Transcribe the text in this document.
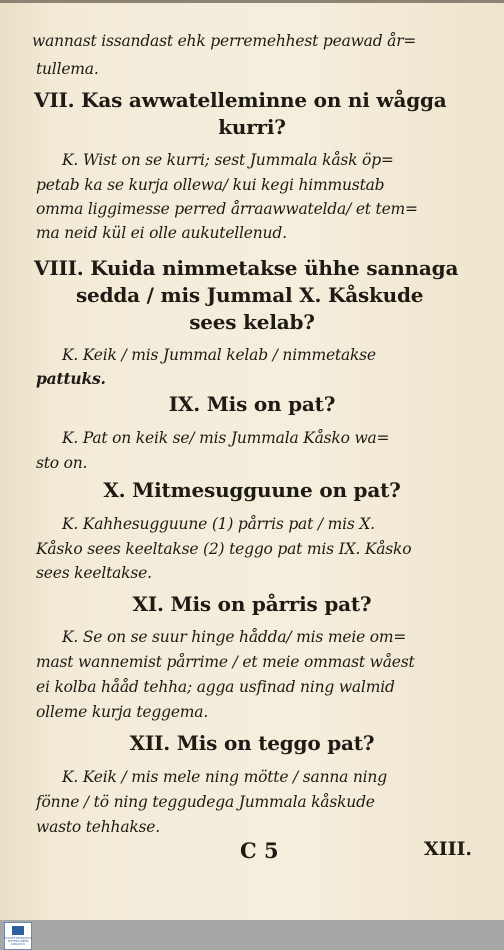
wannast issandast ehk perremehhest peawad år=
tullema.
VII. Kas awwatelleminne on ni wågga
kurri?
K. Wist on se kurri; sest Jummala kåsk öp=
petab ka se kurja ollewa/ kui kegi himmustab
omma liggimesse perred årraawwatelda/ et tem=
ma neid kül ei olle aukutellenud.
VIII. Kuida nimmetakse ühhe sannaga
sedda / mis Jummal X. Kåskude
sees kelab?
K. Keik / mis Jummal kelab / nimmetakse
pattuks.
IX. Mis on pat?
K. Pat on keik se/ mis Jummala Kåsko wa=
sto on.
X. Mitmesugguune on pat?
K. Kahhesugguune (1) pårris pat / mis X.
Kåsko sees keeltakse (2) teggo pat mis IX. Kåsko
sees keeltakse.
XI. Mis on pårris pat?
K. Se on se suur hinge hådda/ mis meie om=
mast wannemist pårrime / et meie ommast wåest
ei kolba hååd tehha; agga usfinad ning walmid
olleme kurja teggema.
XII. Mis on teggo pat?
K. Keik / mis mele ning mötte / sanna ning
fönne / tö ning teggudega Jummala kåskude
wasto tehhakse.
C 5	XIII.
TAAVETTIKIRJASTO
TIETEELLINEN
KIRJASTO
